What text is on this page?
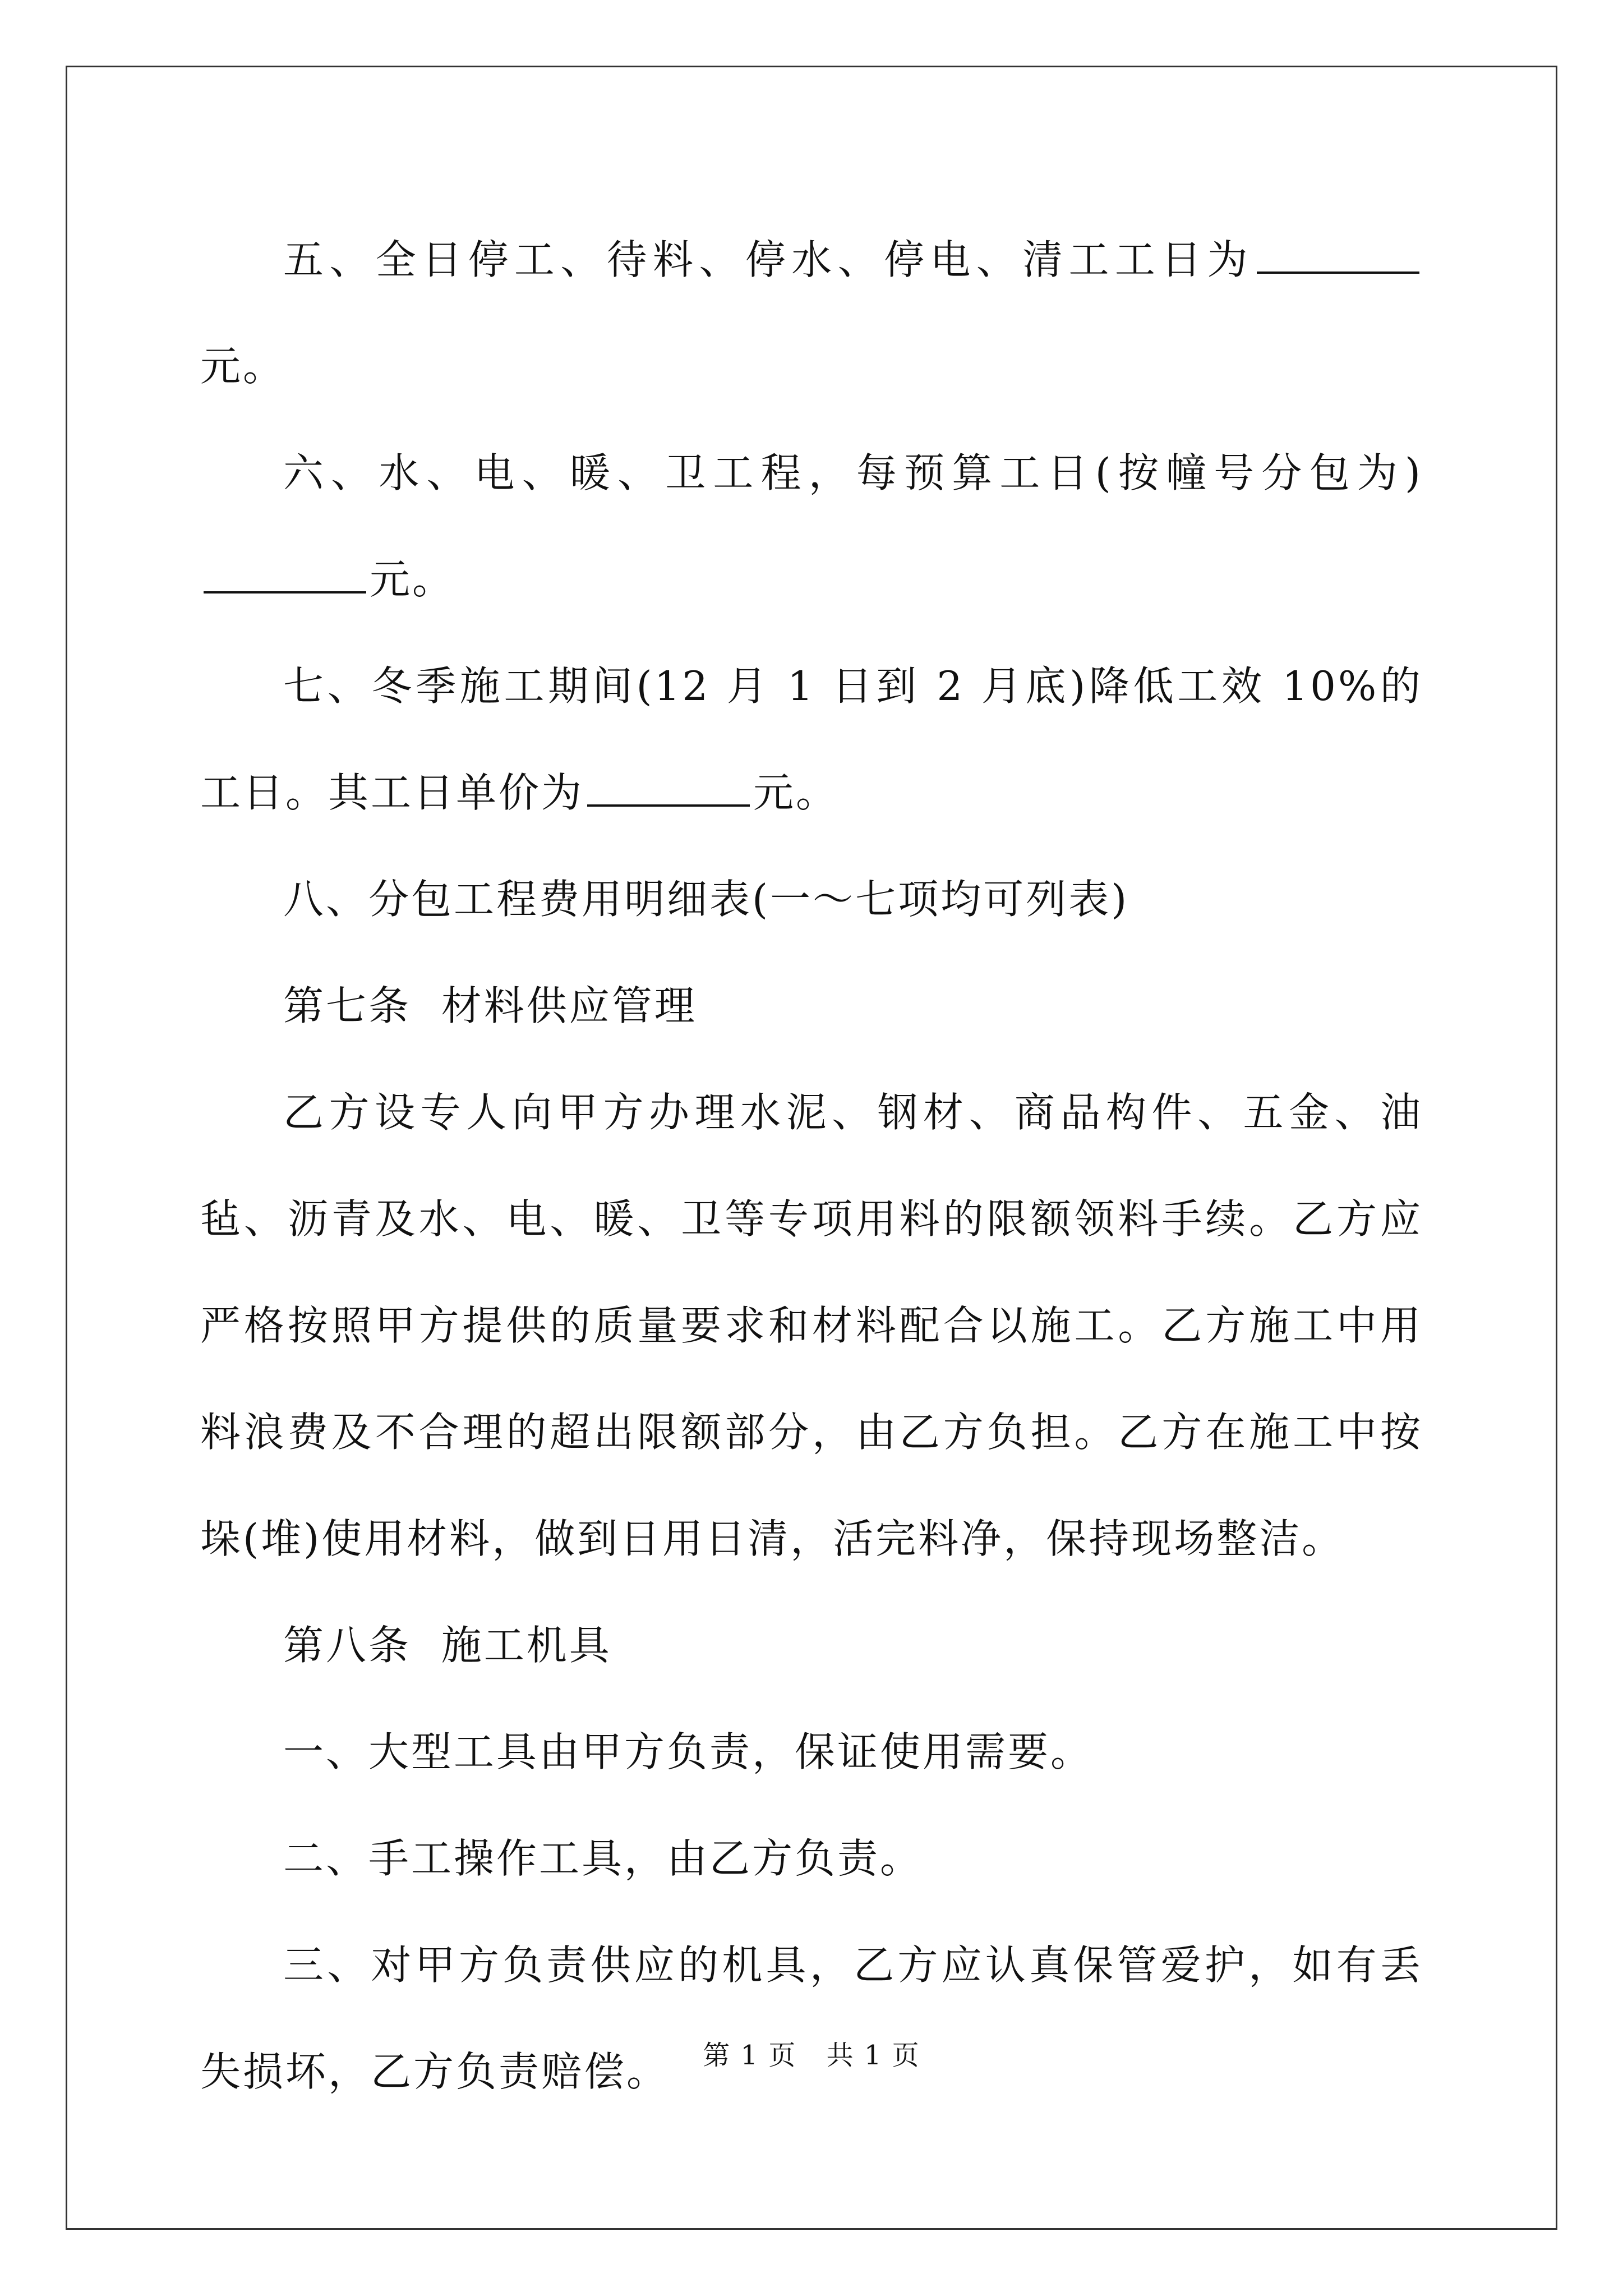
五、全日停工、待料、停水、停电、清工工日为元。

六、水、电、暖、卫工程，每预算工日(按幢号分包为)元。

七、冬季施工期间(12 月 1 日到 2 月底)降低工效 10%的工日。其工日单价为	元。

八、分包工程费用明细表(一～七项均可列表)

第七条  材料供应管理

乙方设专人向甲方办理水泥、钢材、商品构件、五金、油毡、沥青及水、电、暖、卫等专项用料的限额领料手续。乙方应严格按照甲方提供的质量要求和材料配合以施工。乙方施工中用料浪费及不合理的超出限额部分，由乙方负担。乙方在施工中按垛(堆)使用材料，做到日用日清，活完料净，保持现场整洁。

第八条  施工机具

一、大型工具由甲方负责，保证使用需要。

二、手工操作工具，由乙方负责。

三、对甲方负责供应的机具，乙方应认真保管爱护，如有丢失损坏，乙方负责赔偿。	第 1 页 共 1 页
